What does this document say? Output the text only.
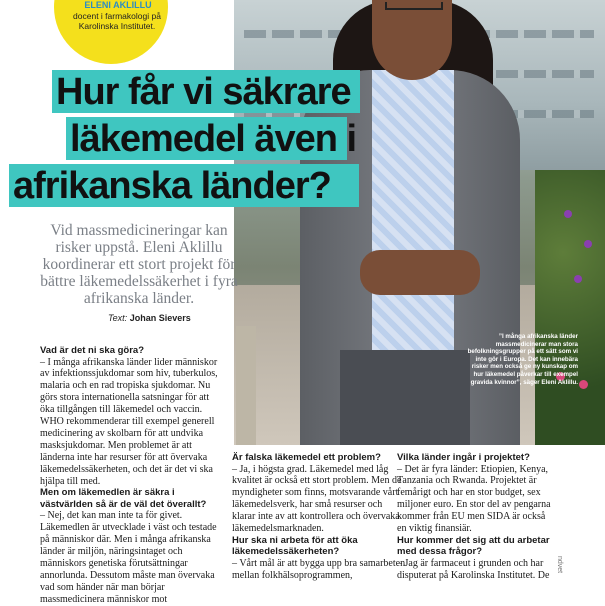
”I många afrikanska länder massmedicinerar man stora befolkningsgrupper på ett sätt som vi inte gör i Europa. Det kan innebära risker men också ge ny kunskap om hur läkemedel påverkar till exempel gravida kvinnor”, säger Eleni Aklillu.
ELENI AKLILLU
docent i farmakologi på Karolinska Institutet.
Hur får vi säkrare
läkemedel även i
afrikanska länder?
Vid massmedicineringar kan risker uppstå. Eleni Aklillu koordinerar ett stort projekt för bättre läkemedelssäkerhet i fyra afrikanska länder.
Text: Johan Sievers

Vad är det ni ska göra?

– I många afrikanska länder lider människor av infektionssjukdomar som hiv, tuberkulos, malaria och en rad tropiska sjukdomar. Nu görs stora internationella satsningar för att öka tillgången till läkemedel och vaccin. WHO rekommenderar till exempel generell medicinering av skolbarn för att undvika masksjukdomar. Men problemet är att länderna inte har resurser för att övervaka läkemedelssäkerheten, och det är det vi ska hjälpa till med.

Men om läkemedlen är säkra i västvärlden så är de väl det överallt?

– Nej, det kan man inte ta för givet. Läkemedlen är utvecklade i väst och testade på människor där. Men i många afrikanska länder är miljön, näringsintaget och människors genetiska förutsättningar annorlunda. Dessutom måste man övervaka vad som händer när man börjar massmedicinera människor mot

Är falska läkemedel ett problem?

– Ja, i högsta grad. Läkemedel med låg kvalitet är också ett stort problem. Men de myndigheter som finns, motsvarande vårt läkemedelsverk, har små resurser och klarar inte av att kontrollera och övervaka läkemedelsmarknaden.

Hur ska ni arbeta för att öka läkemedelssäkerheten?

– Vårt mål är att bygga upp bra samarbeten mellan folkhälsoprogrammen,

Vilka länder ingår i projektet?

– Det är fyra länder: Etiopien, Kenya, Tanzania och Rwanda. Projektet är femårigt och har en stor budget, sex miljoner euro. En stor del av pengarna kommer från EU men SIDA är också en viktig finansiär.

Hur kommer det sig att du arbetar med dessa frågor?

– Jag är farmaceut i grunden och har disputerat på Karolinska Institutet. De

ndvet
